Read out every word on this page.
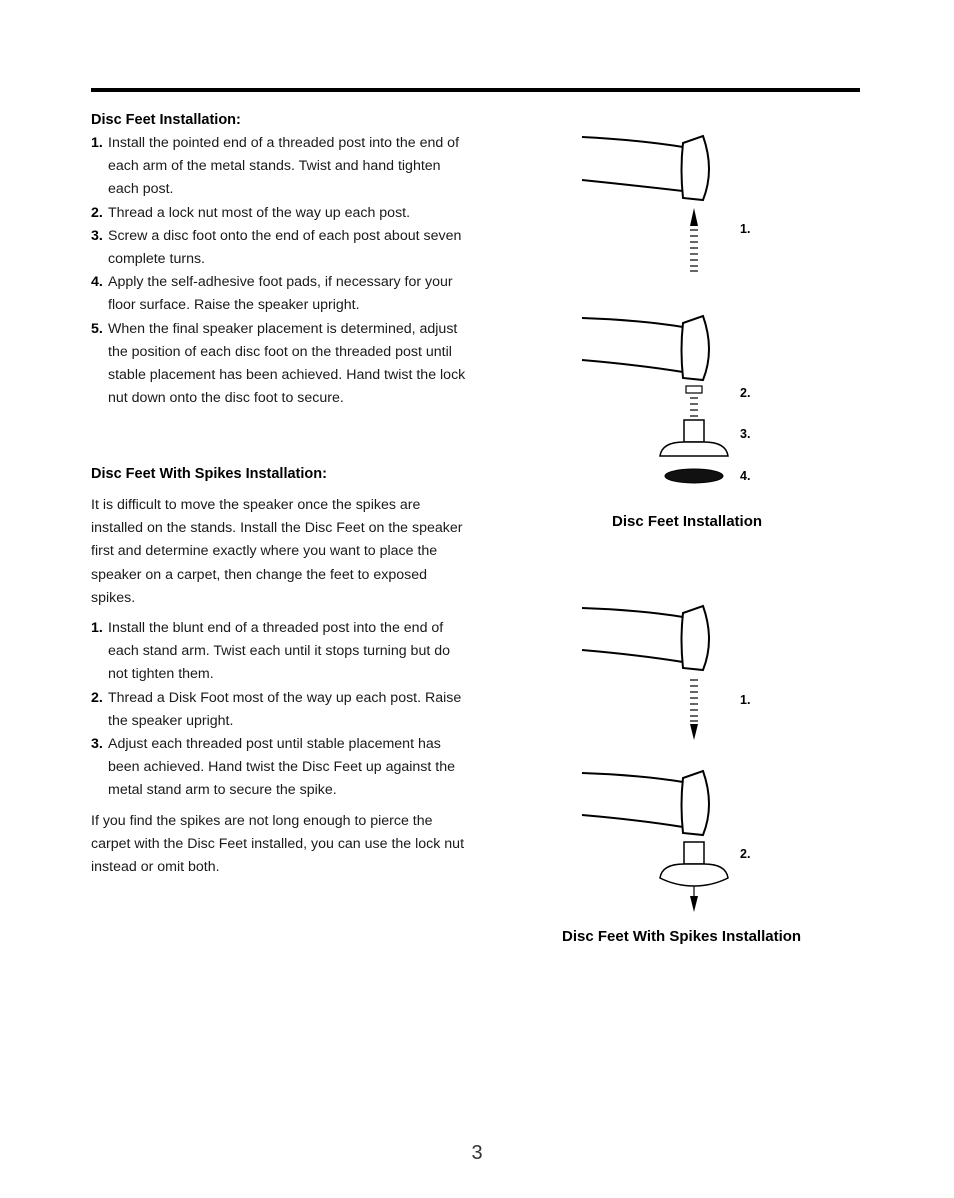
Disc Feet Installation:
1. Install the pointed end of a threaded post into the end of each arm of the metal stands. Twist and hand tighten each post.
2. Thread a lock nut most of the way up each post.
3. Screw a disc foot onto the end of each post about seven complete turns.
4. Apply the self-adhesive foot pads, if necessary for your floor surface. Raise the speaker upright.
5. When the final speaker placement is determined, adjust the position of each disc foot on the threaded post until stable placement has been achieved. Hand twist the lock nut down onto the disc foot to secure.
Disc Feet With Spikes Installation:

It is difficult to move the speaker once the spikes are installed on the stands. Install the Disc Feet on the speaker first and determine exactly where you want to place the speaker on a carpet, then change the feet to exposed spikes.

1. Install the blunt end of a threaded post into the end of each stand arm. Twist each until it stops turning but do not tighten them.
2. Thread a Disk Foot most of the way up each post. Raise the speaker upright.
3. Adjust each threaded post until stable placement has been achieved. Hand twist the Disc Feet up against the metal stand arm to secure the spike.

If you find the spikes are not long enough to pierce the carpet with the Disc Feet installed, you can use the lock nut instead or omit both.

1.
2.
3.
4.
Disc Feet Installation
1.
2.
Disc Feet With Spikes Installation
3
